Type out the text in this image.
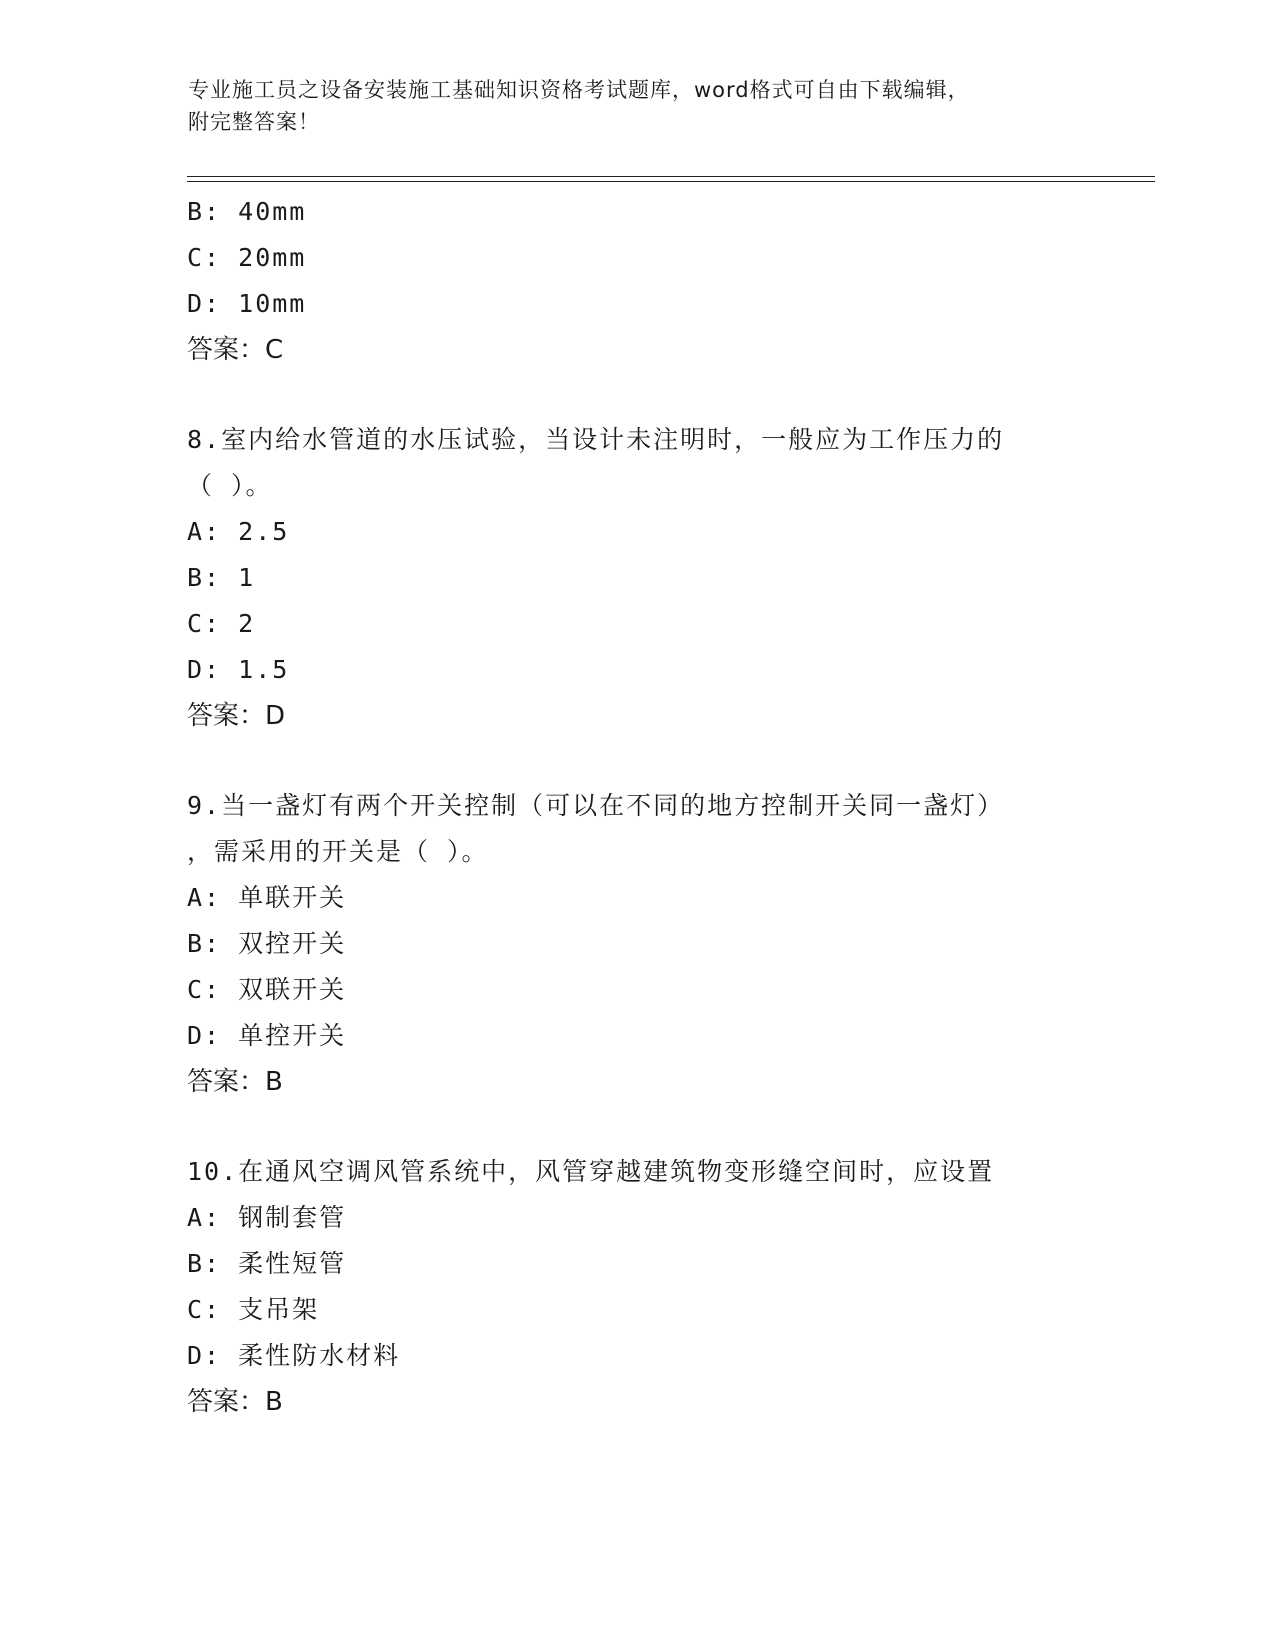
专业施工员之设备安装施工基础知识资格考试题库，word格式可自由下载编辑，
附完整答案！
B: 40mm
C: 20mm
D: 10mm
答案：C
8.室内给水管道的水压试验，当设计未注明时，一般应为工作压力的
（ ）。
A: 2.5
B: 1
C: 2
D: 1.5
答案：D
9.当一盏灯有两个开关控制（可以在不同的地方控制开关同一盏灯）
，需采用的开关是（ ）。
A: 单联开关
B: 双控开关
C: 双联开关
D: 单控开关
答案：B
10.在通风空调风管系统中，风管穿越建筑物变形缝空间时，应设置
A: 钢制套管
B: 柔性短管
C: 支吊架
D: 柔性防水材料
答案：B
